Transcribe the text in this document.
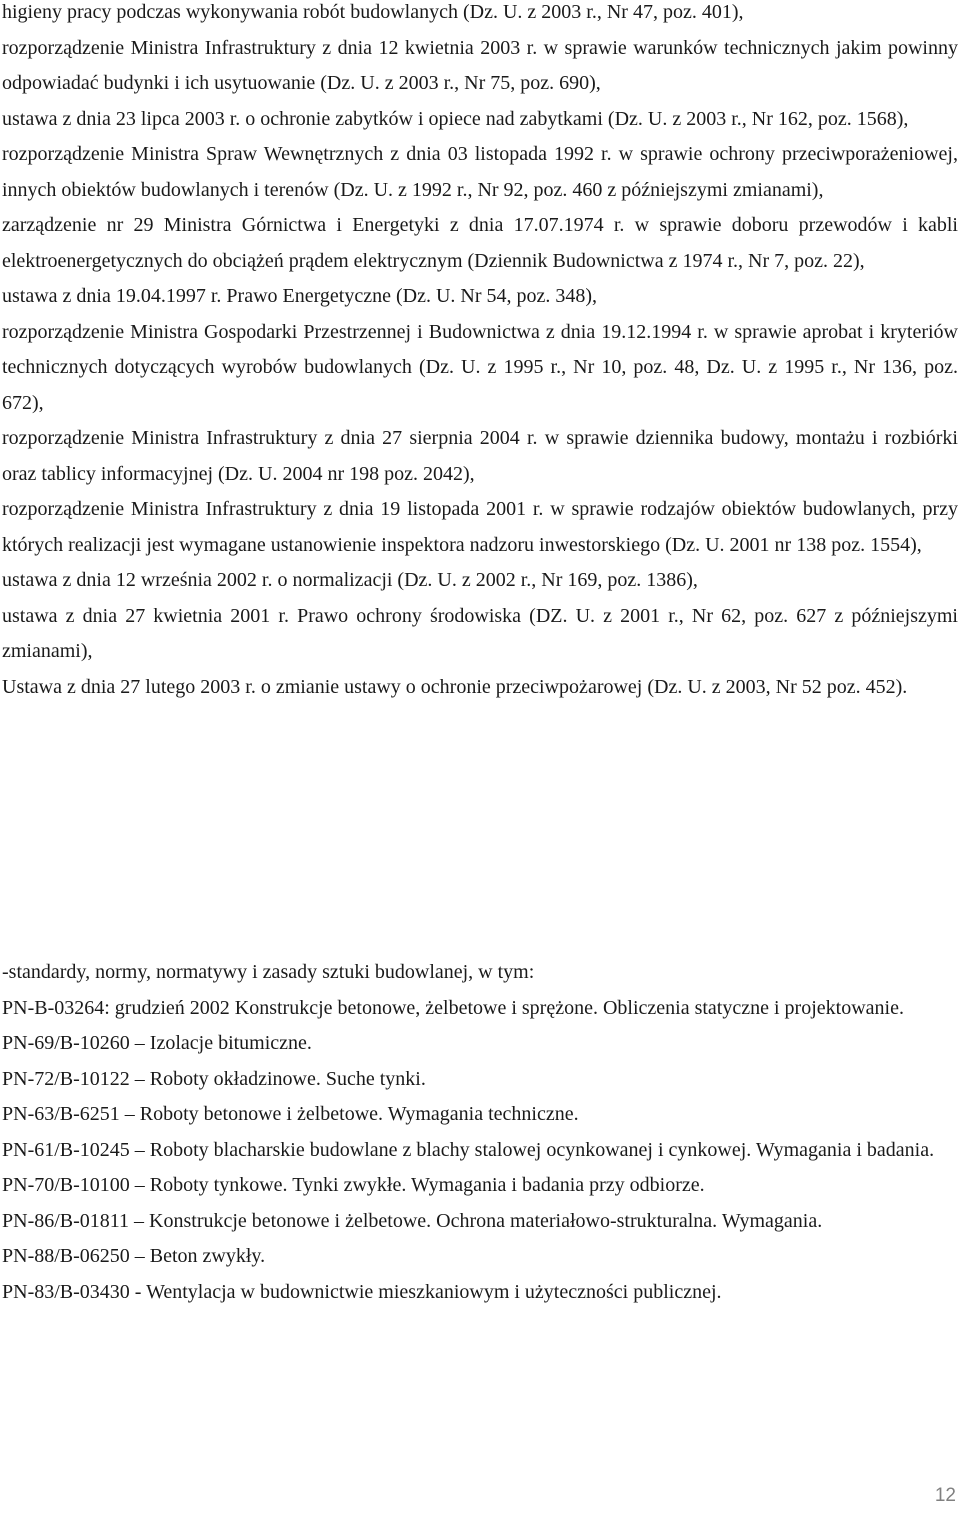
higieny pracy podczas wykonywania robót budowlanych (Dz. U. z 2003 r., Nr 47, poz. 401),

rozporządzenie Ministra Infrastruktury z dnia 12 kwietnia 2003 r. w sprawie warunków technicznych jakim powinny odpowiadać budynki i ich usytuowanie (Dz. U. z 2003 r., Nr 75, poz. 690),

ustawa z dnia 23 lipca 2003 r. o ochronie zabytków i opiece nad zabytkami (Dz. U. z 2003 r., Nr 162, poz. 1568),

rozporządzenie Ministra Spraw Wewnętrznych z dnia 03 listopada 1992 r. w sprawie ochrony przeciwporażeniowej, innych obiektów budowlanych i terenów (Dz. U. z 1992 r., Nr 92, poz. 460 z późniejszymi zmianami),

zarządzenie nr 29 Ministra Górnictwa i Energetyki z dnia 17.07.1974 r. w sprawie doboru przewodów i kabli elektroenergetycznych do obciążeń prądem elektrycznym (Dziennik Budownictwa z 1974 r., Nr 7, poz. 22),

ustawa z dnia 19.04.1997 r. Prawo Energetyczne (Dz. U. Nr 54, poz. 348),

rozporządzenie Ministra Gospodarki Przestrzennej i Budownictwa z dnia 19.12.1994 r. w sprawie aprobat i kryteriów technicznych dotyczących wyrobów budowlanych (Dz. U. z 1995 r., Nr 10, poz. 48, Dz. U. z 1995 r., Nr 136, poz. 672),

rozporządzenie Ministra Infrastruktury z dnia 27 sierpnia 2004 r. w sprawie dziennika budowy, montażu i rozbiórki oraz tablicy informacyjnej (Dz. U. 2004 nr 198 poz. 2042),

rozporządzenie Ministra Infrastruktury z dnia 19 listopada 2001 r. w sprawie rodzajów obiektów budowlanych, przy których realizacji jest wymagane ustanowienie inspektora nadzoru inwestorskiego (Dz. U. 2001 nr 138 poz. 1554),

ustawa z dnia 12 września 2002 r. o normalizacji (Dz. U. z 2002 r., Nr 169, poz. 1386),

ustawa z dnia 27 kwietnia 2001 r. Prawo ochrony środowiska (DZ. U. z 2001 r., Nr 62, poz. 627 z późniejszymi zmianami),

Ustawa z dnia 27 lutego 2003 r. o zmianie ustawy o ochronie przeciwpożarowej (Dz. U. z 2003, Nr 52 poz. 452).

-standardy, normy, normatywy i zasady sztuki budowlanej, w tym:

PN-B-03264: grudzień 2002 Konstrukcje betonowe, żelbetowe i sprężone. Obliczenia statyczne i projektowanie.

PN-69/B-10260 – Izolacje bitumiczne.

PN-72/B-10122 – Roboty okładzinowe. Suche tynki.

PN-63/B-6251 – Roboty betonowe i żelbetowe. Wymagania techniczne.

PN-61/B-10245 – Roboty blacharskie budowlane z blachy stalowej ocynkowanej i cynkowej. Wymagania i badania.

PN-70/B-10100 – Roboty tynkowe. Tynki zwykłe. Wymagania i badania przy odbiorze.

PN-86/B-01811 – Konstrukcje betonowe i żelbetowe. Ochrona materiałowo-strukturalna. Wymagania.

PN-88/B-06250 – Beton zwykły.

PN-83/B-03430 - Wentylacja w budownictwie mieszkaniowym i użyteczności publicznej.

12
